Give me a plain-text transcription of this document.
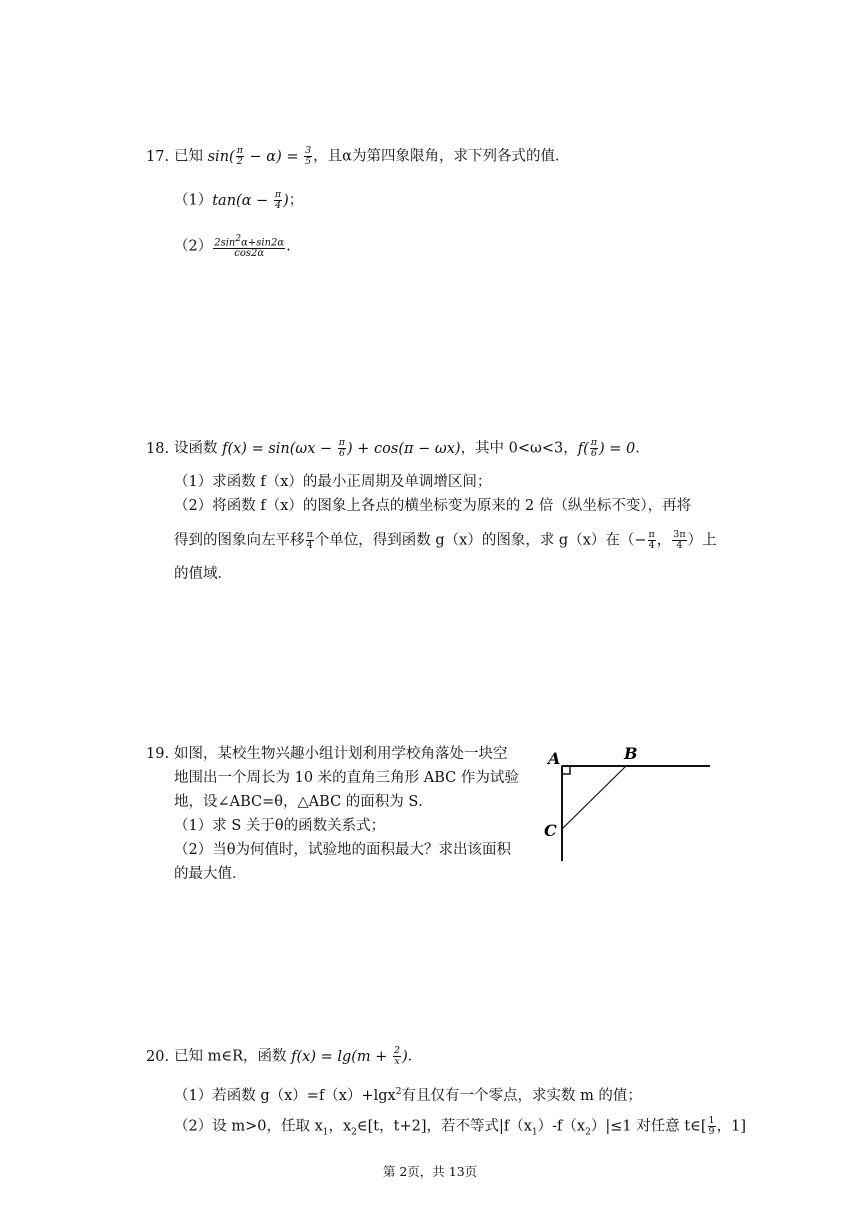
17. 已知 $\sin( \frac{\pi}{2} - \alpha) = \frac{3}{5}$ ，且α为第四象限角，求下列各式的值．
$(1)\tan(\alpha - \frac{\pi}{4}$ )；
$(2) \frac{2\sin 2\alpha+\sin 2\alpha}{\cos 2\alpha}$ .
18. 设函数 $f(x) = \sin(\omega x - \frac{\pi}{6}$ ) + cos(π − ωx)，其中 0<ω<3，$f( \frac{\pi}{6}$ ) = 0．
（1）求函数 f（x）的最小正周期及单调增区间；
（2）将函数 f（x）的图象上各点的横坐标变为原来的 2 倍（纵坐标不变），再将
得到的图象向左平移 $\frac{\pi}{4}$ 个单位，得到函数 g（x）的图象，求 g（x）在（− $\frac{\pi}{4}$ ， $\frac{3\pi}{4}$ ）上
的值域．
19. 如图，某校生物兴趣小组计划利用学校角落处一块空
地围出一个周长为 10 米的直角三角形 ABC 作为试验
地，设∠ABC=θ，△ABC 的面积为 S．
（1）求 S 关于θ的函数关系式；
（2）当θ为何值时，试验地的面积最大？求出该面积
的最大值．
A	B
C
20. 已知 m∈R，函数 $f(x) = \lg(m + \frac{2}{x}$ )．
（1）若函数 g（x）=f（x）+lgx$^2$有且仅有一个零点，求实数 m 的值；
（2）设 m>0，任取 $x_1$，$x_2\in[t$，t+2]，若不等式$|f(x_1)-f(x_2)|\le 1$ 对任意 t∈[ $\frac{1}{9}$ ，1]
第 2页，共 13页
